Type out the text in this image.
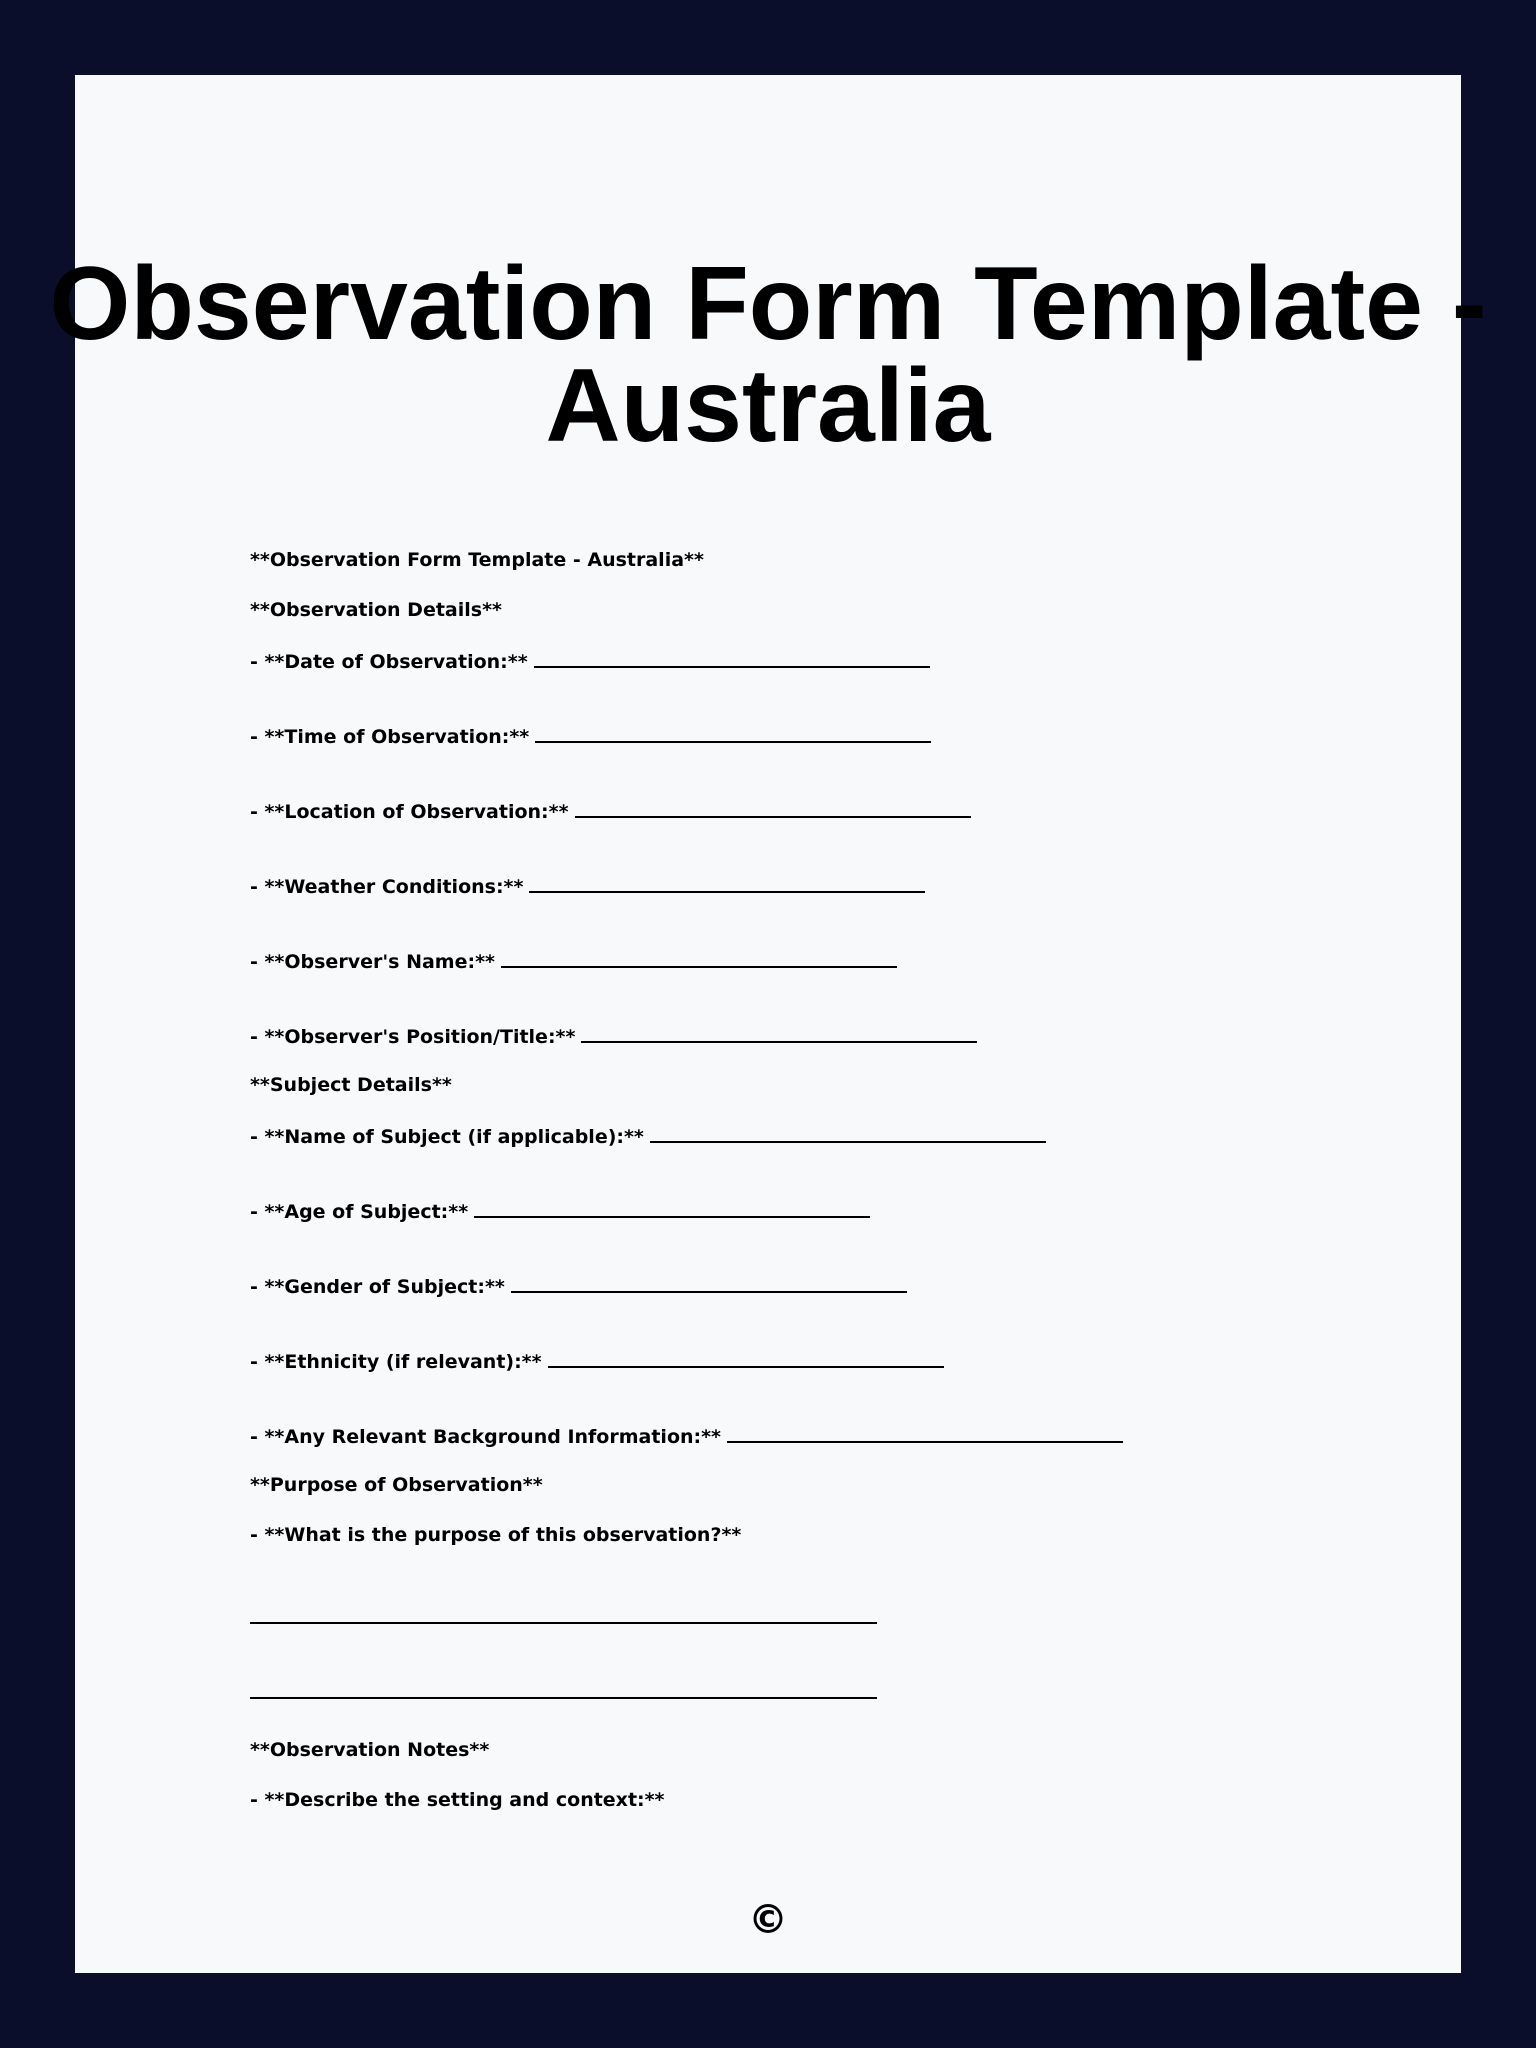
Observation Form Template -
Australia
**Observation Form Template - Australia**
**Observation Details**
- **Date of Observation:**
- **Time of Observation:**
- **Location of Observation:**
- **Weather Conditions:**
- **Observer's Name:**
- **Observer's Position/Title:**
**Subject Details**
- **Name of Subject (if applicable):**
- **Age of Subject:**
- **Gender of Subject:**
- **Ethnicity (if relevant):**
- **Any Relevant Background Information:**
**Purpose of Observation**
- **What is the purpose of this observation?**
**Observation Notes**
- **Describe the setting and context:**
©
